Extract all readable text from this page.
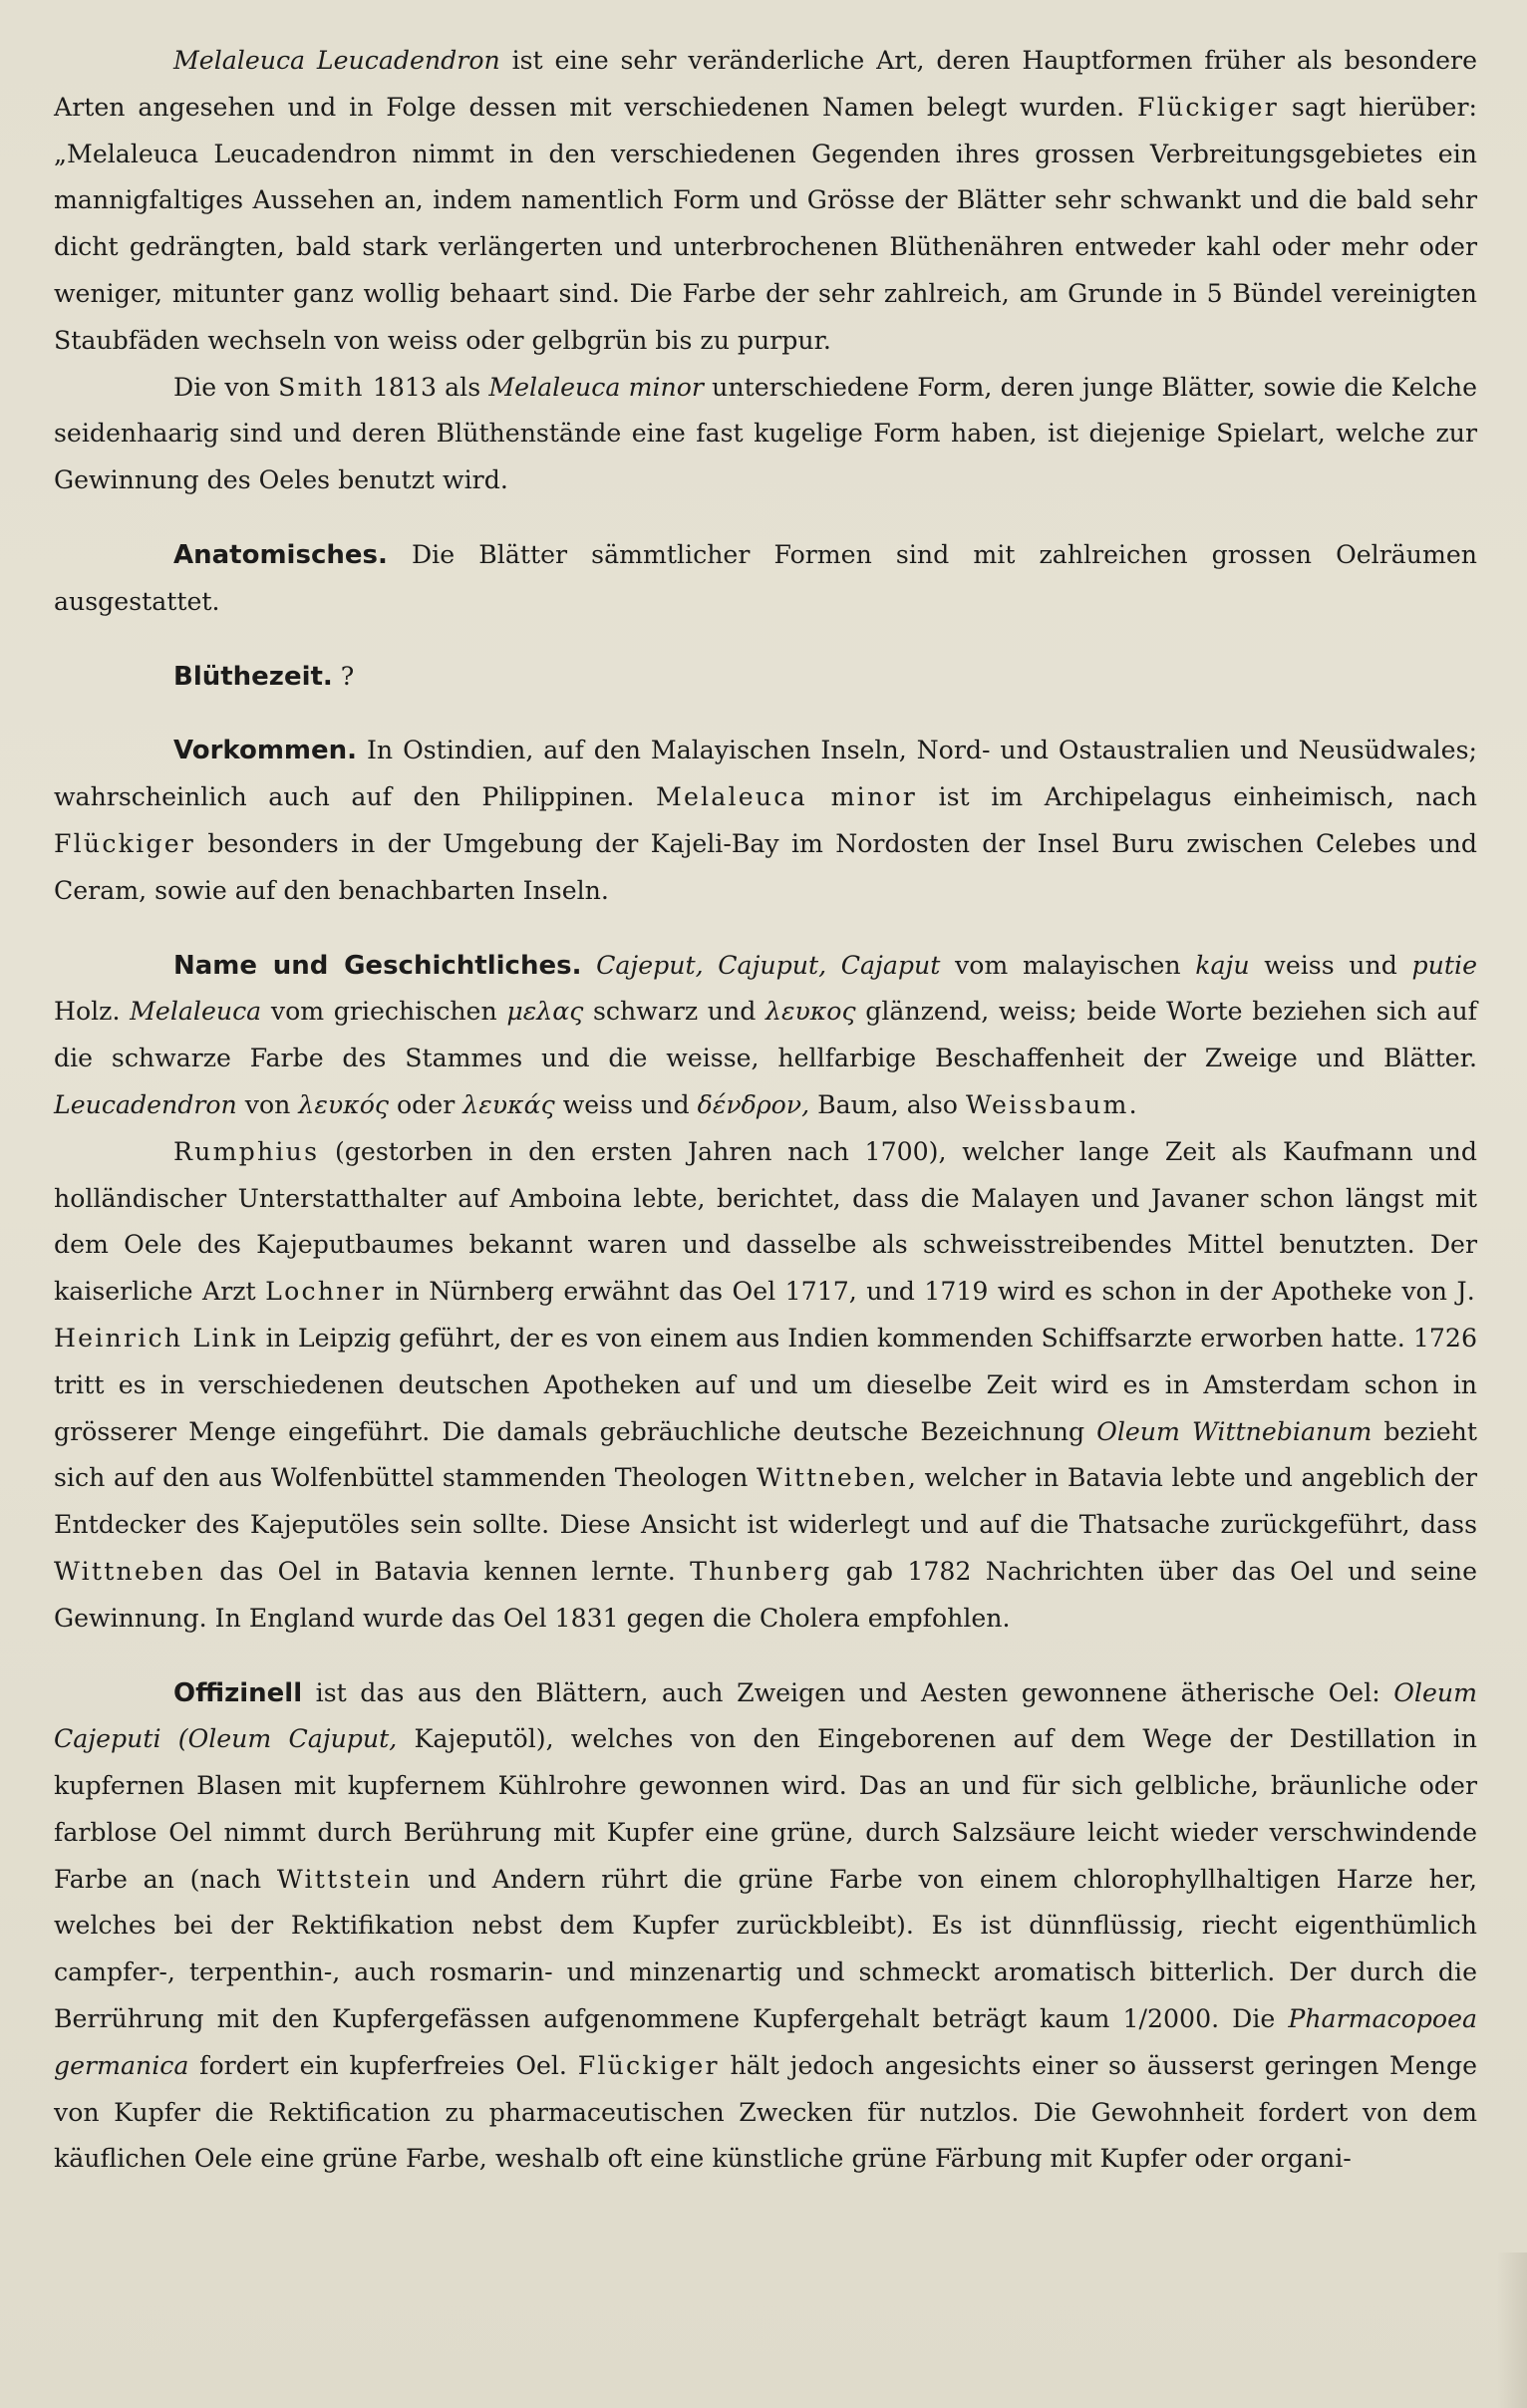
Melaleuca Leucadendron ist eine sehr veränderliche Art, deren Hauptformen früher als besondere Arten angesehen und in Folge dessen mit verschiedenen Namen belegt wurden. Flückiger sagt hierüber: „Melaleuca Leucadendron nimmt in den verschiedenen Gegenden ihres grossen Verbreitungsgebietes ein mannigfaltiges Aussehen an, indem namentlich Form und Grösse der Blätter sehr schwankt und die bald sehr dicht gedrängten, bald stark verlängerten und unterbrochenen Blüthenähren entweder kahl oder mehr oder weniger, mitunter ganz wollig behaart sind. Die Farbe der sehr zahlreich, am Grunde in 5 Bündel vereinigten Staubfäden wechseln von weiss oder gelbgrün bis zu purpur.

Die von Smith 1813 als Melaleuca minor unterschiedene Form, deren junge Blätter, sowie die Kelche seidenhaarig sind und deren Blüthenstände eine fast kugelige Form haben, ist diejenige Spielart, welche zur Gewinnung des Oeles benutzt wird.

Anatomisches. Die Blätter sämmtlicher Formen sind mit zahlreichen grossen Oelräumen ausgestattet.

Blüthezeit. ?

Vorkommen. In Ostindien, auf den Malayischen Inseln, Nord- und Ostaustralien und Neusüdwales; wahrscheinlich auch auf den Philippinen. Melaleuca minor ist im Archipelagus einheimisch, nach Flückiger besonders in der Umgebung der Kajeli-Bay im Nordosten der Insel Buru zwischen Celebes und Ceram, sowie auf den benachbarten Inseln.

Name und Geschichtliches. Cajeput, Cajuput, Cajaput vom malayischen kaju weiss und putie Holz. Melaleuca vom griechischen μελας schwarz und λευκος glänzend, weiss; beide Worte beziehen sich auf die schwarze Farbe des Stammes und die weisse, hellfarbige Beschaffenheit der Zweige und Blätter. Leucadendron von λευκός oder λευκάς weiss und δένδρον, Baum, also Weissbaum.

Rumphius (gestorben in den ersten Jahren nach 1700), welcher lange Zeit als Kaufmann und holländischer Unterstatthalter auf Amboina lebte, berichtet, dass die Malayen und Javaner schon längst mit dem Oele des Kajeputbaumes bekannt waren und dasselbe als schweisstreibendes Mittel benutzten. Der kaiserliche Arzt Lochner in Nürnberg erwähnt das Oel 1717, und 1719 wird es schon in der Apotheke von J. Heinrich Link in Leipzig geführt, der es von einem aus Indien kommenden Schiffsarzte erworben hatte. 1726 tritt es in verschiedenen deutschen Apotheken auf und um dieselbe Zeit wird es in Amsterdam schon in grösserer Menge eingeführt. Die damals gebräuchliche deutsche Bezeichnung Oleum Wittnebianum bezieht sich auf den aus Wolfenbüttel stammenden Theologen Wittneben, welcher in Batavia lebte und angeblich der Entdecker des Kajeputöles sein sollte. Diese Ansicht ist widerlegt und auf die Thatsache zurückgeführt, dass Wittneben das Oel in Batavia kennen lernte. Thunberg gab 1782 Nachrichten über das Oel und seine Gewinnung. In England wurde das Oel 1831 gegen die Cholera empfohlen.

Offizinell ist das aus den Blättern, auch Zweigen und Aesten gewonnene ätherische Oel: Oleum Cajeputi (Oleum Cajuput, Kajeputöl), welches von den Eingeborenen auf dem Wege der Destillation in kupfernen Blasen mit kupfernem Kühlrohre gewonnen wird. Das an und für sich gelbliche, bräunliche oder farblose Oel nimmt durch Berührung mit Kupfer eine grüne, durch Salzsäure leicht wieder verschwindende Farbe an (nach Wittstein und Andern rührt die grüne Farbe von einem chlorophyllhaltigen Harze her, welches bei der Rektifikation nebst dem Kupfer zurückbleibt). Es ist dünnflüssig, riecht eigenthümlich campfer-, terpenthin-, auch rosmarin- und minzenartig und schmeckt aromatisch bitterlich. Der durch die Berrührung mit den Kupfergefässen aufgenommene Kupfergehalt beträgt kaum 1/2000. Die Pharmacopoea germanica fordert ein kupferfreies Oel. Flückiger hält jedoch angesichts einer so äusserst geringen Menge von Kupfer die Rektification zu pharmaceutischen Zwecken für nutzlos. Die Gewohnheit fordert von dem käuflichen Oele eine grüne Farbe, weshalb oft eine künstliche grüne Färbung mit Kupfer oder organi-
